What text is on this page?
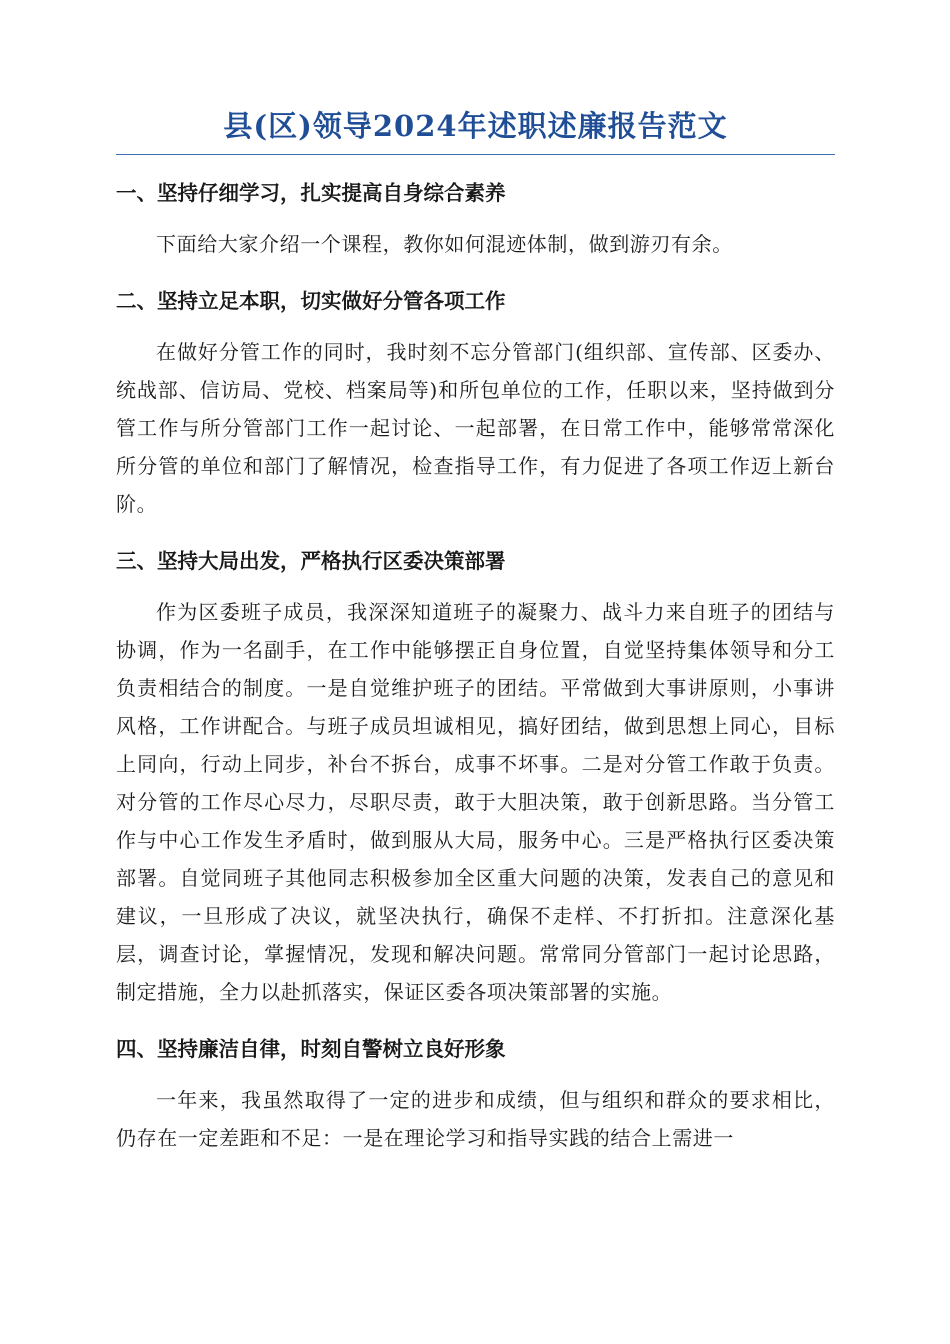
县(区)领导2024年述职述廉报告范文
一、坚持仔细学习，扎实提高自身综合素养

下面给大家介绍一个课程，教你如何混迹体制，做到游刃有余。

二、坚持立足本职，切实做好分管各项工作

在做好分管工作的同时，我时刻不忘分管部门(组织部、宣传部、区委办、统战部、信访局、党校、档案局等)和所包单位的工作，任职以来，坚持做到分管工作与所分管部门工作一起讨论、一起部署，在日常工作中，能够常常深化所分管的单位和部门了解情况，检查指导工作，有力促进了各项工作迈上新台阶。

三、坚持大局出发，严格执行区委决策部署

作为区委班子成员，我深深知道班子的凝聚力、战斗力来自班子的团结与协调，作为一名副手，在工作中能够摆正自身位置，自觉坚持集体领导和分工负责相结合的制度。一是自觉维护班子的团结。平常做到大事讲原则，小事讲风格，工作讲配合。与班子成员坦诚相见，搞好团结，做到思想上同心，目标上同向，行动上同步，补台不拆台，成事不坏事。二是对分管工作敢于负责。对分管的工作尽心尽力，尽职尽责，敢于大胆决策，敢于创新思路。当分管工作与中心工作发生矛盾时，做到服从大局，服务中心。三是严格执行区委决策部署。自觉同班子其他同志积极参加全区重大问题的决策，发表自己的意见和建议，一旦形成了决议，就坚决执行，确保不走样、不打折扣。注意深化基层，调查讨论，掌握情况，发现和解决问题。常常同分管部门一起讨论思路，制定措施，全力以赴抓落实，保证区委各项决策部署的实施。

四、坚持廉洁自律，时刻自警树立良好形象

一年来，我虽然取得了一定的进步和成绩，但与组织和群众的要求相比，仍存在一定差距和不足：一是在理论学习和指导实践的结合上需进一
